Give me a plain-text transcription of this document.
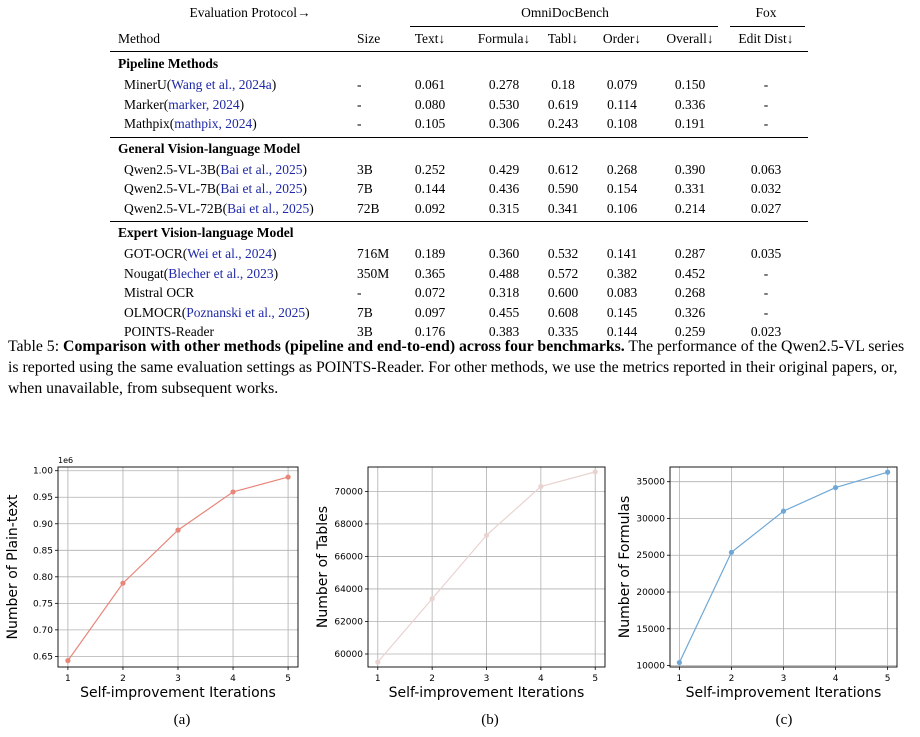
Evaluation Protocol→	OmniDocBench	Fox
Method	Size	Text↓ Formula↓ Tabl↓ Order↓ Overall↓ Edit Dist↓
Pipeline Methods
MinerU(Wang et al., 2024a)	-	0.061	0.278 0.18 0.079	0.150	-
Marker(marker, 2024)	-	0.080	0.530 0.619 0.114	0.336	-
Mathpix(mathpix, 2024)	-	0.105	0.306 0.243 0.108	0.191	-
General Vision-language Model
Qwen2.5-VL-3B(Bai et al., 2025)	3B	0.252	0.429 0.612 0.268	0.390	0.063
Qwen2.5-VL-7B(Bai et al., 2025)	7B	0.144	0.436 0.590 0.154	0.331	0.032
Qwen2.5-VL-72B(Bai et al., 2025)	72B	0.092	0.315 0.341 0.106	0.214	0.027
Expert Vision-language Model
GOT-OCR(Wei et al., 2024)	716M 0.189	0.360 0.532 0.141	0.287	0.035
Nougat(Blecher et al., 2023)	350M 0.365	0.488 0.572 0.382	0.452	-
Mistral OCR	-	0.072	0.318 0.600 0.083	0.268	-
OLMOCR(Poznanski et al., 2025)	7B	0.097	0.455 0.608 0.145	0.326	-
POINTS-Reader	3B	0.176	0.383 0.335 0.144	0.259	0.023
Table 5: Comparison with other methods (pipeline and end-to-end) across four benchmarks. The performance of the Qwen2.5-VL series is reported using the same evaluation settings as POINTS-Reader. For other methods, we use the metrics reported in their original papers, or, when unavailable, from subsequent works.
1	2	3	4	5
0.65
0.70
0.75
0.80
0.85
0.90
0.95
1.00
1e6
Self-improvement Iterations
Number of Plain-text
1	2	3	4	5
60000
62000
64000
66000
68000
70000
Self-improvement Iterations
Number of Tables
1	2	3	4	5
10000
15000
20000
25000
30000
35000
Self-improvement Iterations
Number of Formulas
(a)	(b)	(c)
